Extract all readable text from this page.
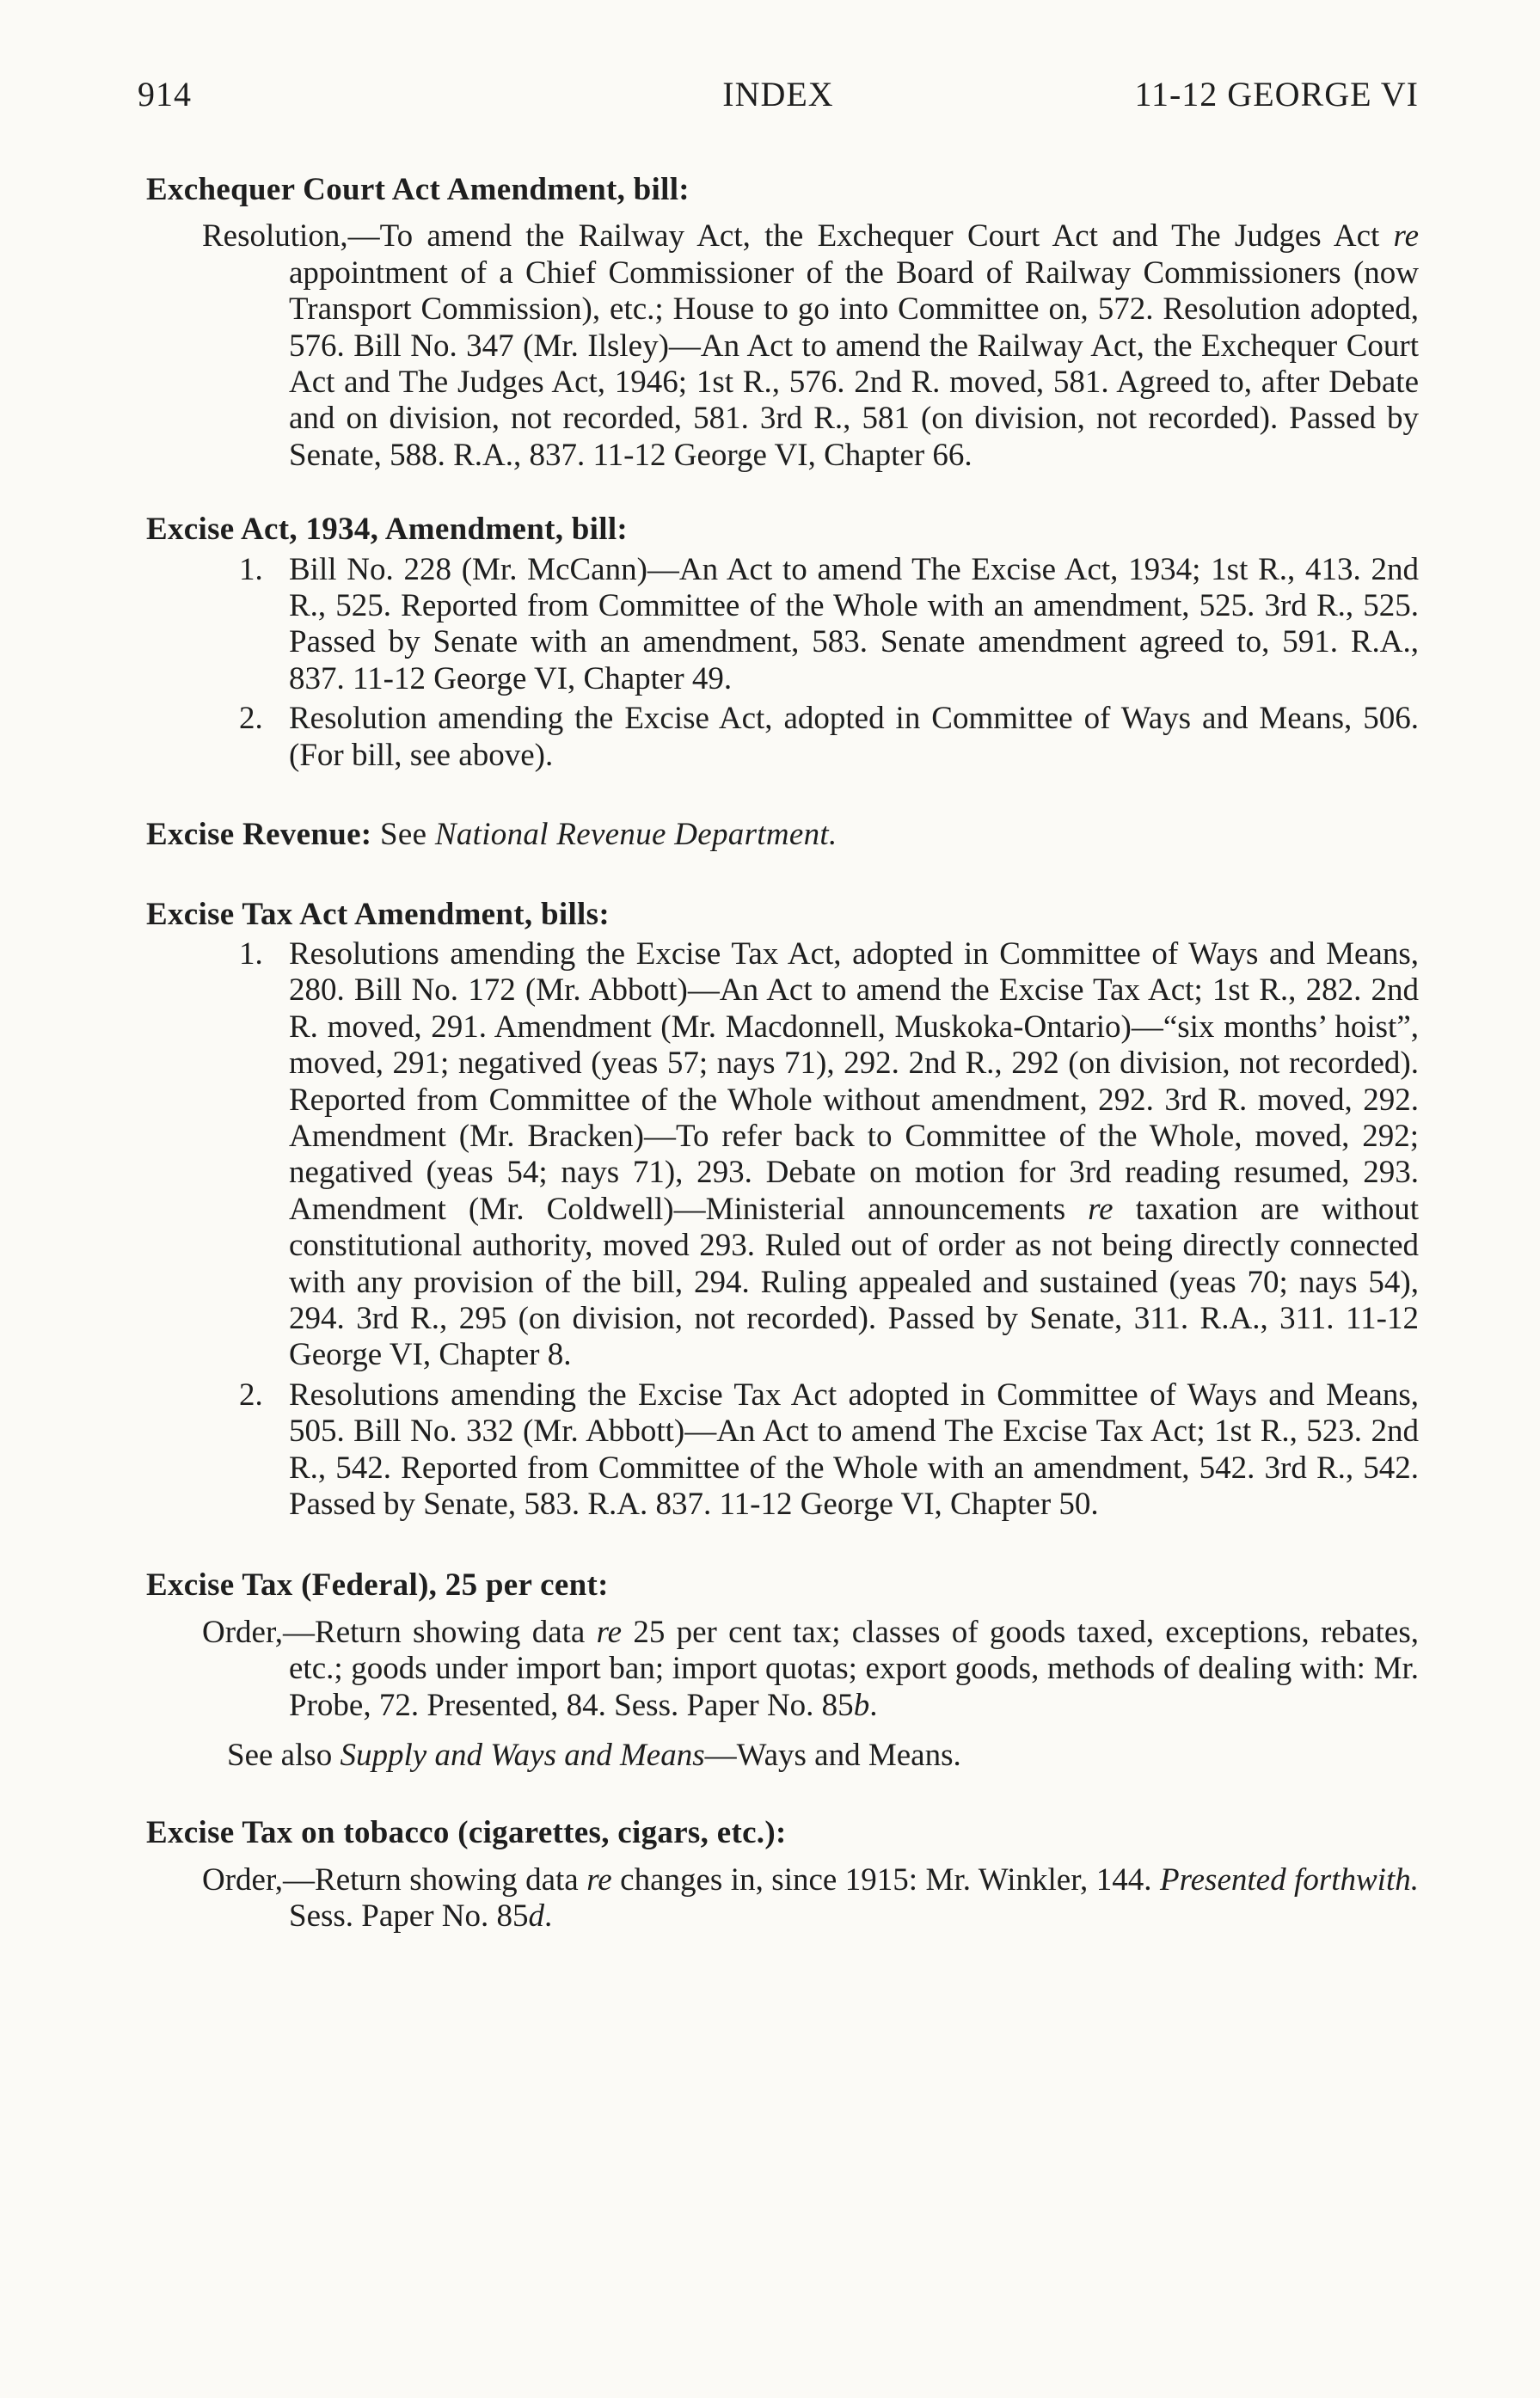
914	INDEX	11-12 GEORGE VI

Exchequer Court Act Amendment, bill:

Resolution,—To amend the Railway Act, the Exchequer Court Act and The Judges Act re appointment of a Chief Commissioner of the Board of Railway Commissioners (now Transport Commission), etc.; House to go into Committee on, 572. Resolution adopted, 576. Bill No. 347 (Mr. Ilsley)—An Act to amend the Railway Act, the Exchequer Court Act and The Judges Act, 1946; 1st R., 576. 2nd R. moved, 581. Agreed to, after Debate and on division, not recorded, 581. 3rd R., 581 (on division, not recorded). Passed by Senate, 588. R.A., 837. 11-12 George VI, Chapter 66.

Excise Act, 1934, Amendment, bill:

1. Bill No. 228 (Mr. McCann)—An Act to amend The Excise Act, 1934; 1st R., 413. 2nd R., 525. Reported from Committee of the Whole with an amendment, 525. 3rd R., 525. Passed by Senate with an amendment, 583. Senate amendment agreed to, 591. R.A., 837. 11-12 George VI, Chapter 49.
2. Resolution amending the Excise Act, adopted in Committee of Ways and Means, 506. (For bill, see above).

Excise Revenue: See National Revenue Department.

Excise Tax Act Amendment, bills:

1. Resolutions amending the Excise Tax Act, adopted in Committee of Ways and Means, 280. Bill No. 172 (Mr. Abbott)—An Act to amend the Excise Tax Act; 1st R., 282. 2nd R. moved, 291. Amendment (Mr. Macdonnell, Muskoka-Ontario)—“six months’ hoist”, moved, 291; negatived (yeas 57; nays 71), 292. 2nd R., 292 (on division, not recorded). Reported from Committee of the Whole without amendment, 292. 3rd R. moved, 292. Amendment (Mr. Bracken)—To refer back to Committee of the Whole, moved, 292; negatived (yeas 54; nays 71), 293. Debate on motion for 3rd reading resumed, 293. Amendment (Mr. Coldwell)—Ministerial announcements re taxation are without constitutional authority, moved 293. Ruled out of order as not being directly connected with any provision of the bill, 294. Ruling appealed and sustained (yeas 70; nays 54), 294. 3rd R., 295 (on division, not recorded). Passed by Senate, 311. R.A., 311. 11-12 George VI, Chapter 8.
2. Resolutions amending the Excise Tax Act adopted in Committee of Ways and Means, 505. Bill No. 332 (Mr. Abbott)—An Act to amend The Excise Tax Act; 1st R., 523. 2nd R., 542. Reported from Committee of the Whole with an amendment, 542. 3rd R., 542. Passed by Senate, 583. R.A. 837. 11-12 George VI, Chapter 50.

Excise Tax (Federal), 25 per cent:

Order,—Return showing data re 25 per cent tax; classes of goods taxed, exceptions, rebates, etc.; goods under import ban; import quotas; export goods, methods of dealing with: Mr. Probe, 72. Presented, 84. Sess. Paper No. 85b.

See also Supply and Ways and Means—Ways and Means.

Excise Tax on tobacco (cigarettes, cigars, etc.):

Order,—Return showing data re changes in, since 1915: Mr. Winkler, 144. Presented forthwith. Sess. Paper No. 85d.
